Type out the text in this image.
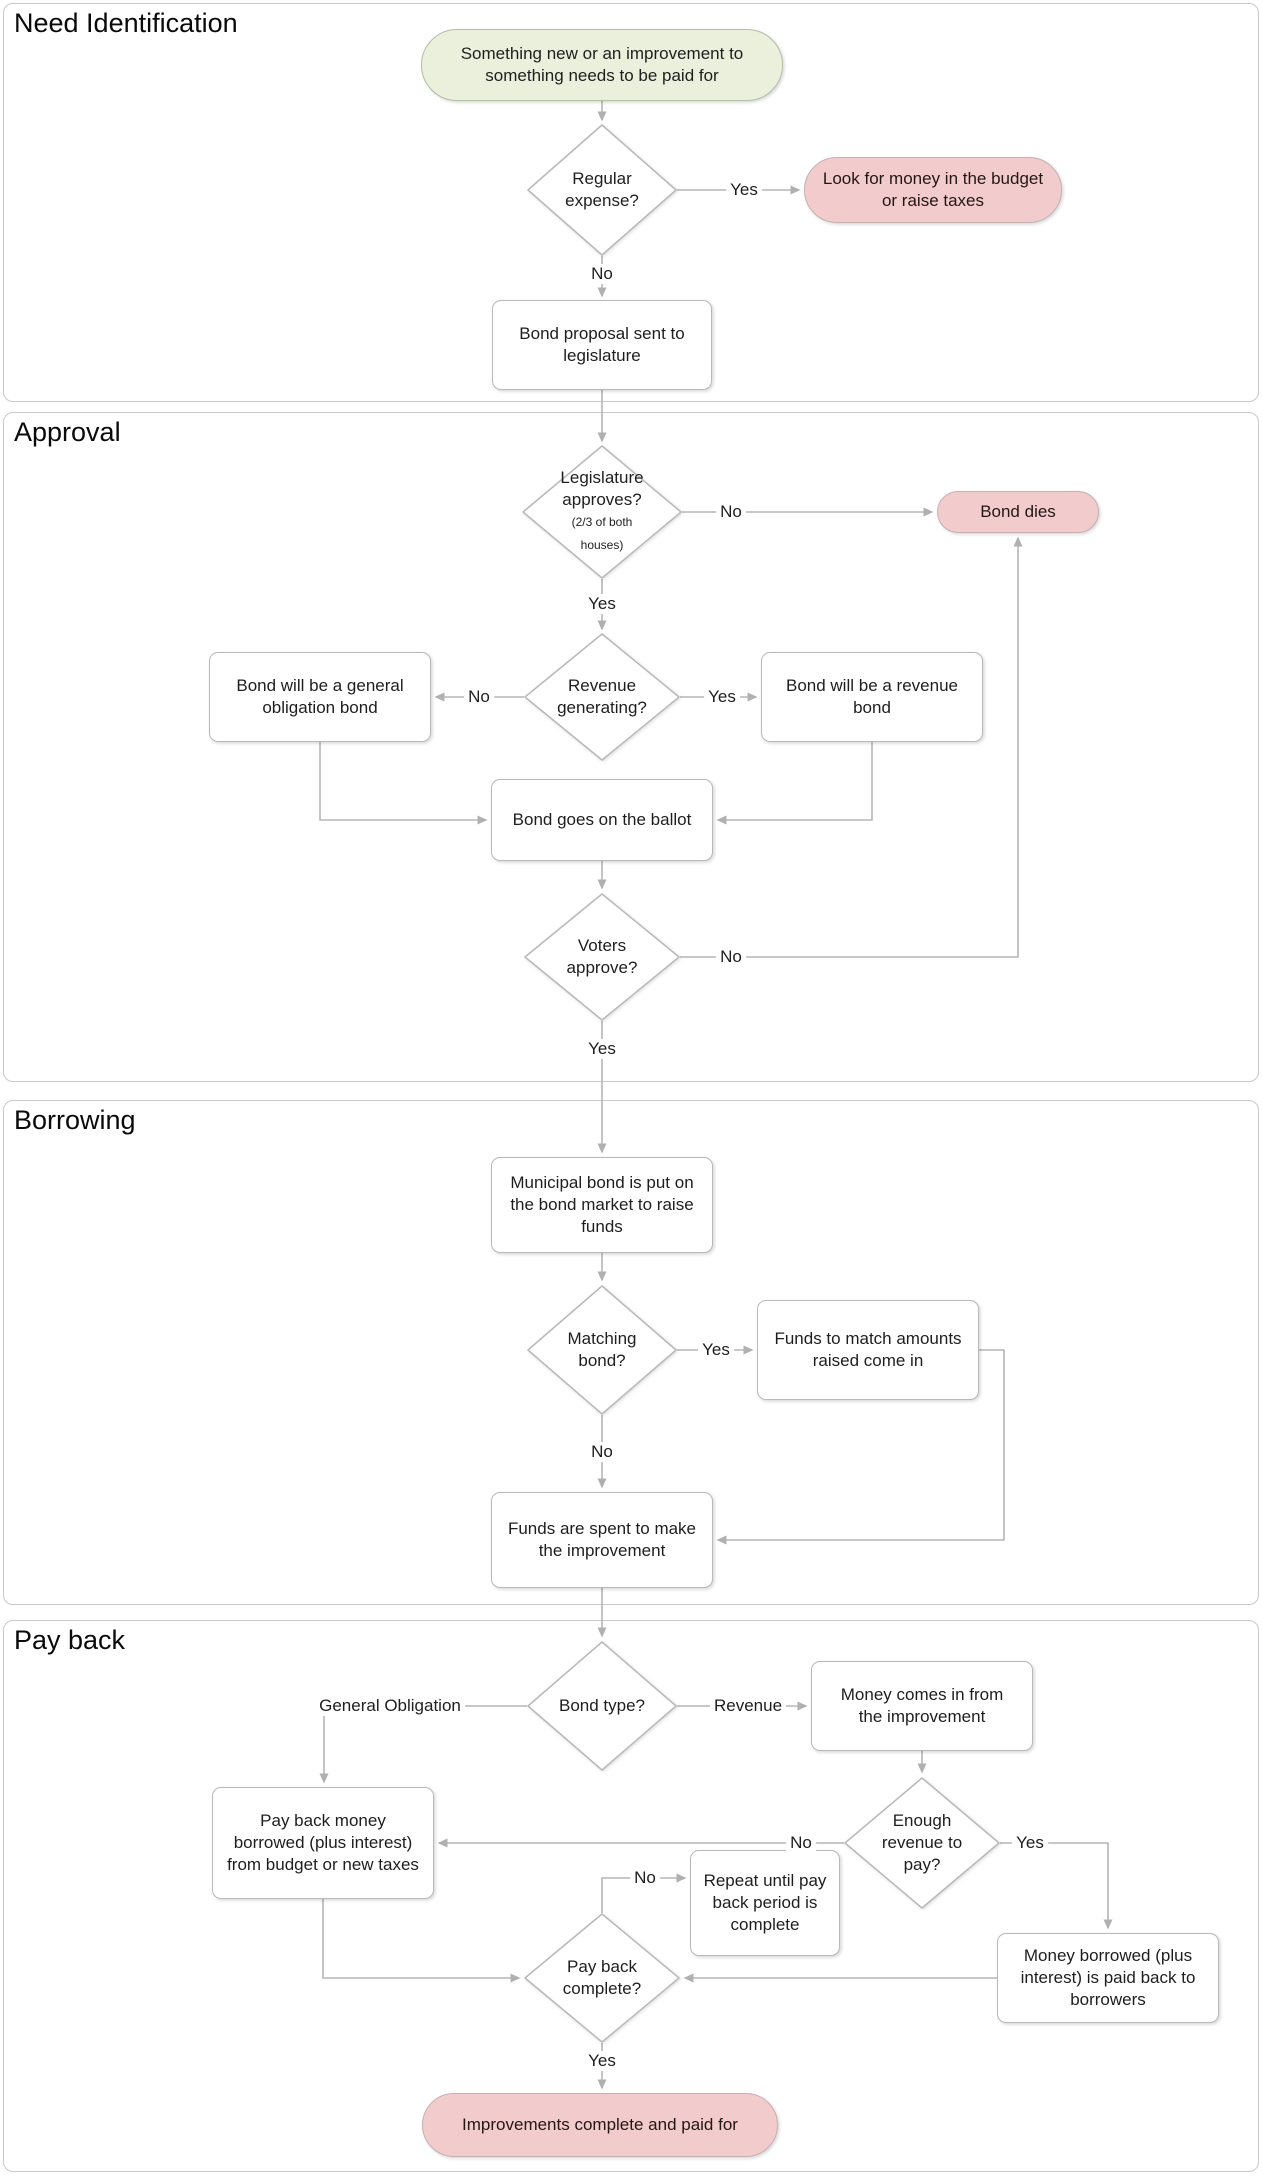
Need Identification
Approval
Borrowing
Pay back
Something new or an improvement to something needs to be paid for
Regular expense?
Look for money in the budget or raise taxes
Bond proposal sent to legislature
Legislature approves?
(2/3 of both houses)
Bond dies
Revenue generating?
Bond will be a general obligation bond
Bond will be a revenue bond
Bond goes on the ballot
Voters approve?
Municipal bond is put on the bond market to raise funds
Matching bond?
Funds to match amounts raised come in
Funds are spent to make the improvement
Bond type?
Money comes in from the improvement
Enough revenue to pay?
Pay back money borrowed (plus interest) from budget or new taxes
Repeat until pay back period is complete
Pay back complete?
Money borrowed (plus interest) is paid back to borrowers
Improvements complete and paid for
Yes
No
No
Yes
No	Yes
No
Yes
Yes
No
General Obligation	Revenue
No	Yes
No
Yes
